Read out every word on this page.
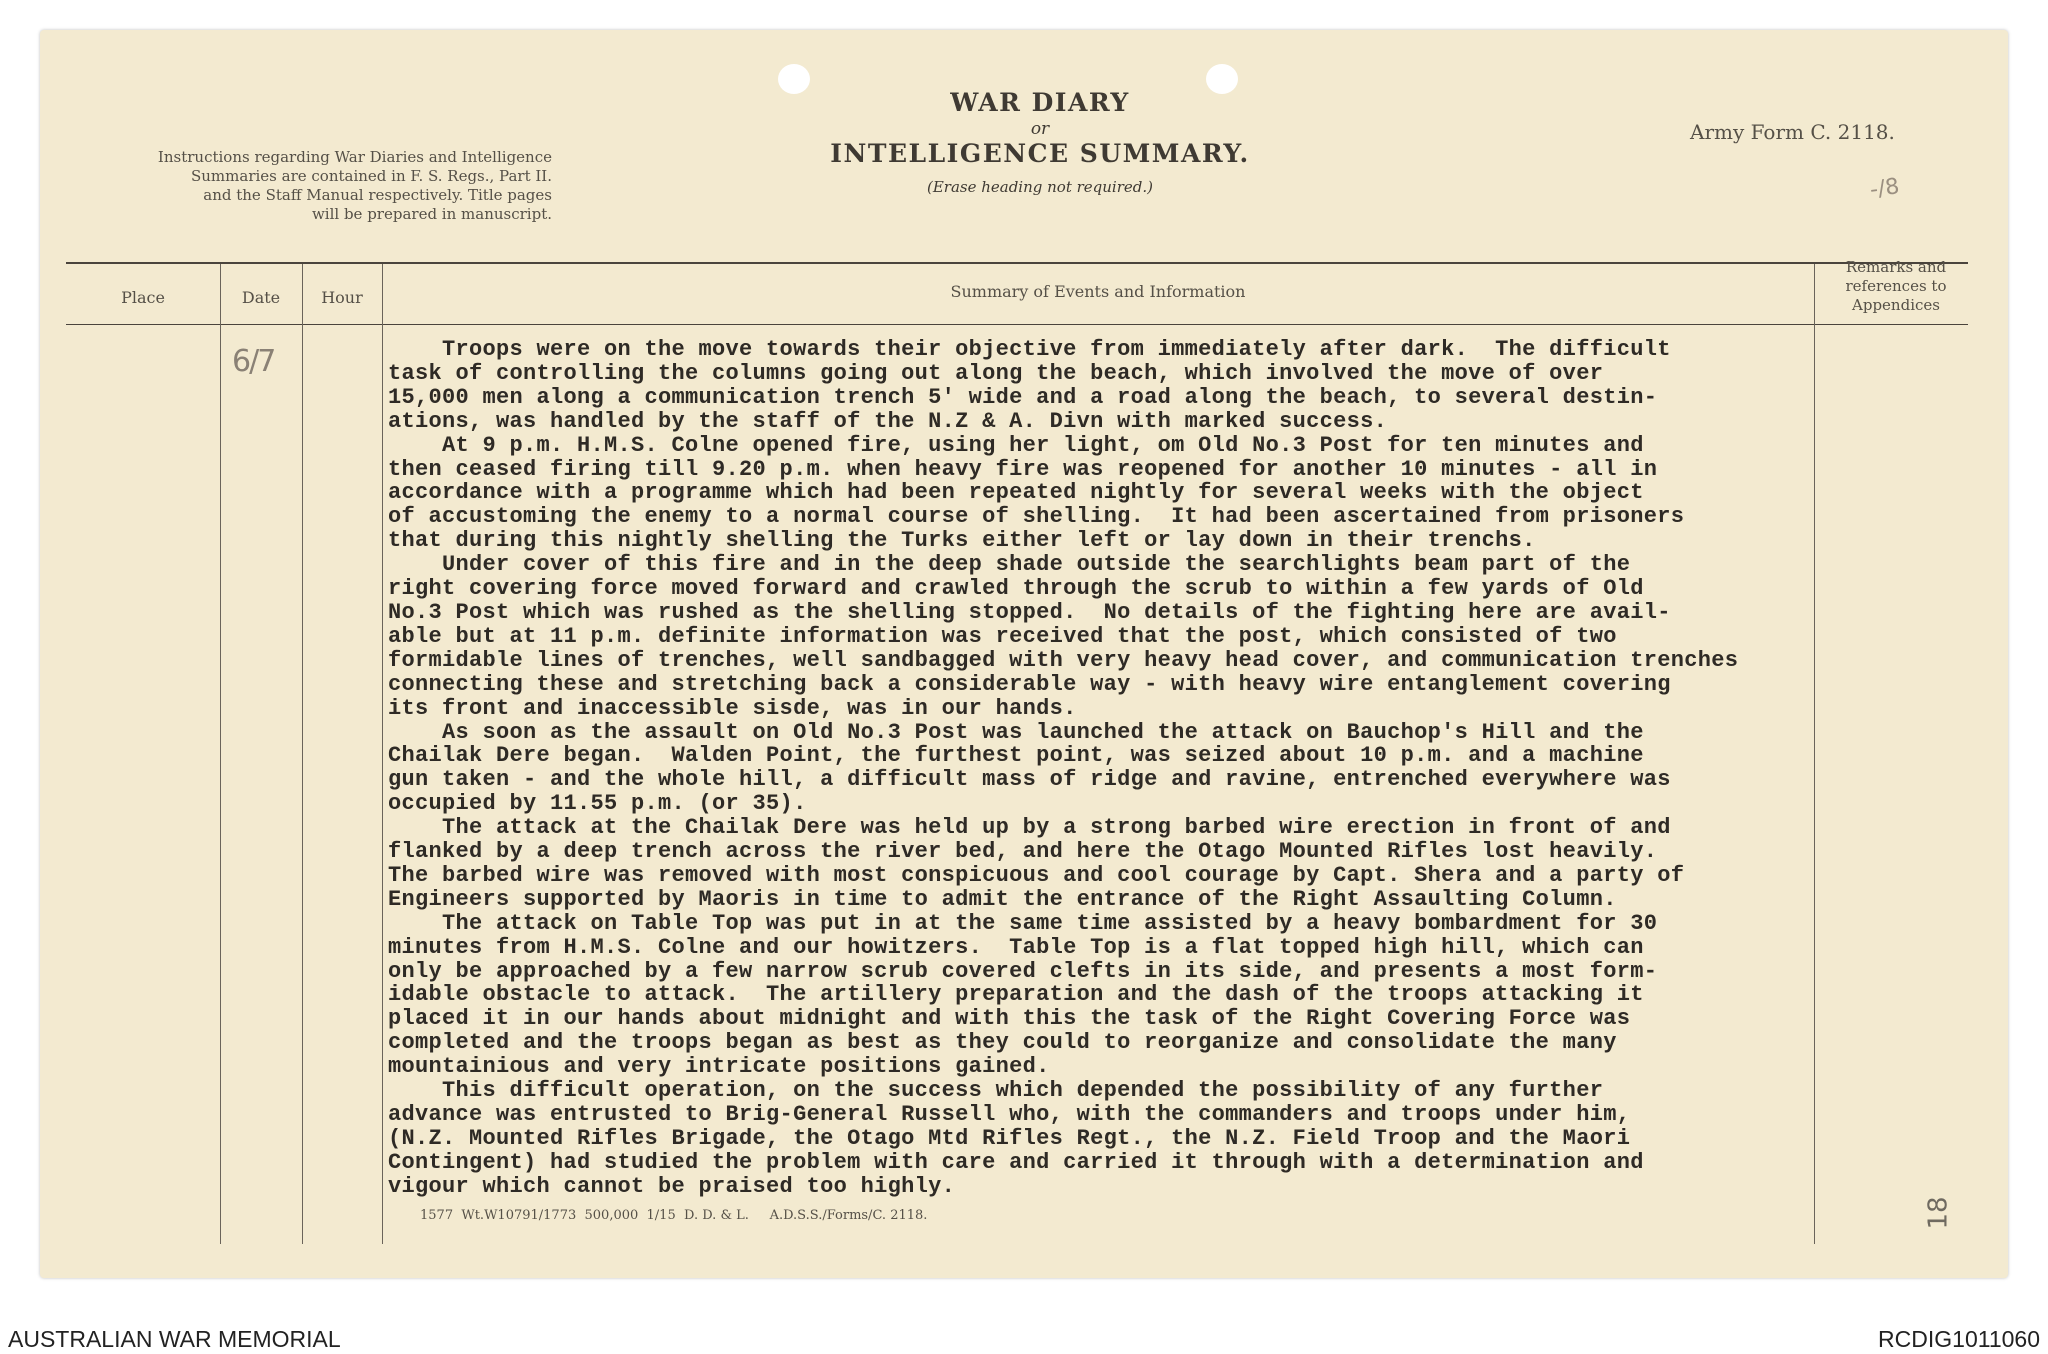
Instructions regarding War Diaries and Intelligence
Summaries are contained in F. S. Regs., Part II.
and the Staff Manual respectively. Title pages
will be prepared in manuscript.
WAR DIARY
or
INTELLIGENCE SUMMARY.
(Erase heading not required.)
Army Form C. 2118.
-/8
Place	Date	Hour	Summary of Events and Information
Remarks and
references to
Appendices
6/7	Troops were on the move towards their objective from immediately after dark.  The difficult
task of controlling the columns going out along the beach, which involved the move of over
15,000 men along a communication trench 5' wide and a road along the beach, to several destin-
ations, was handled by the staff of the N.Z & A. Divn with marked success.
At 9 p.m. H.M.S. Colne opened fire, using her light, om Old No.3 Post for ten minutes and
then ceased firing till 9.20 p.m. when heavy fire was reopened for another 10 minutes - all in
accordance with a programme which had been repeated nightly for several weeks with the object
of accustoming the enemy to a normal course of shelling.  It had been ascertained from prisoners
that during this nightly shelling the Turks either left or lay down in their trenchs.
Under cover of this fire and in the deep shade outside the searchlights beam part of the
right covering force moved forward and crawled through the scrub to within a few yards of Old
No.3 Post which was rushed as the shelling stopped.  No details of the fighting here are avail-
able but at 11 p.m. definite information was received that the post, which consisted of two
formidable lines of trenches, well sandbagged with very heavy head cover, and communication trenches
connecting these and stretching back a considerable way - with heavy wire entanglement covering
its front and inaccessible sisde, was in our hands.
As soon as the assault on Old No.3 Post was launched the attack on Bauchop's Hill and the
Chailak Dere began.  Walden Point, the furthest point, was seized about 10 p.m. and a machine
gun taken - and the whole hill, a difficult mass of ridge and ravine, entrenched everywhere was
occupied by 11.55 p.m. (or 35).
The attack at the Chailak Dere was held up by a strong barbed wire erection in front of and
flanked by a deep trench across the river bed, and here the Otago Mounted Rifles lost heavily.
The barbed wire was removed with most conspicuous and cool courage by Capt. Shera and a party of
Engineers supported by Maoris in time to admit the entrance of the Right Assaulting Column.
The attack on Table Top was put in at the same time assisted by a heavy bombardment for 30
minutes from H.M.S. Colne and our howitzers.  Table Top is a flat topped high hill, which can
only be approached by a few narrow scrub covered clefts in its side, and presents a most form-
idable obstacle to attack.  The artillery preparation and the dash of the troops attacking it
placed it in our hands about midnight and with this the task of the Right Covering Force was
completed and the troops began as best as they could to reorganize and consolidate the many
mountainious and very intricate positions gained.
This difficult operation, on the success which depended the possibility of any further
advance was entrusted to Brig-General Russell who, with the commanders and troops under him,
(N.Z. Mounted Rifles Brigade, the Otago Mtd Rifles Regt., the N.Z. Field Troop and the Maori
Contingent) had studied the problem with care and carried it through with a determination and
vigour which cannot be praised too highly.
1577  Wt.W10791/1773  500,000  1/15  D. D. & L.     A.D.S.S./Forms/C. 2118.	18
AUSTRALIAN WAR MEMORIAL	RCDIG1011060
